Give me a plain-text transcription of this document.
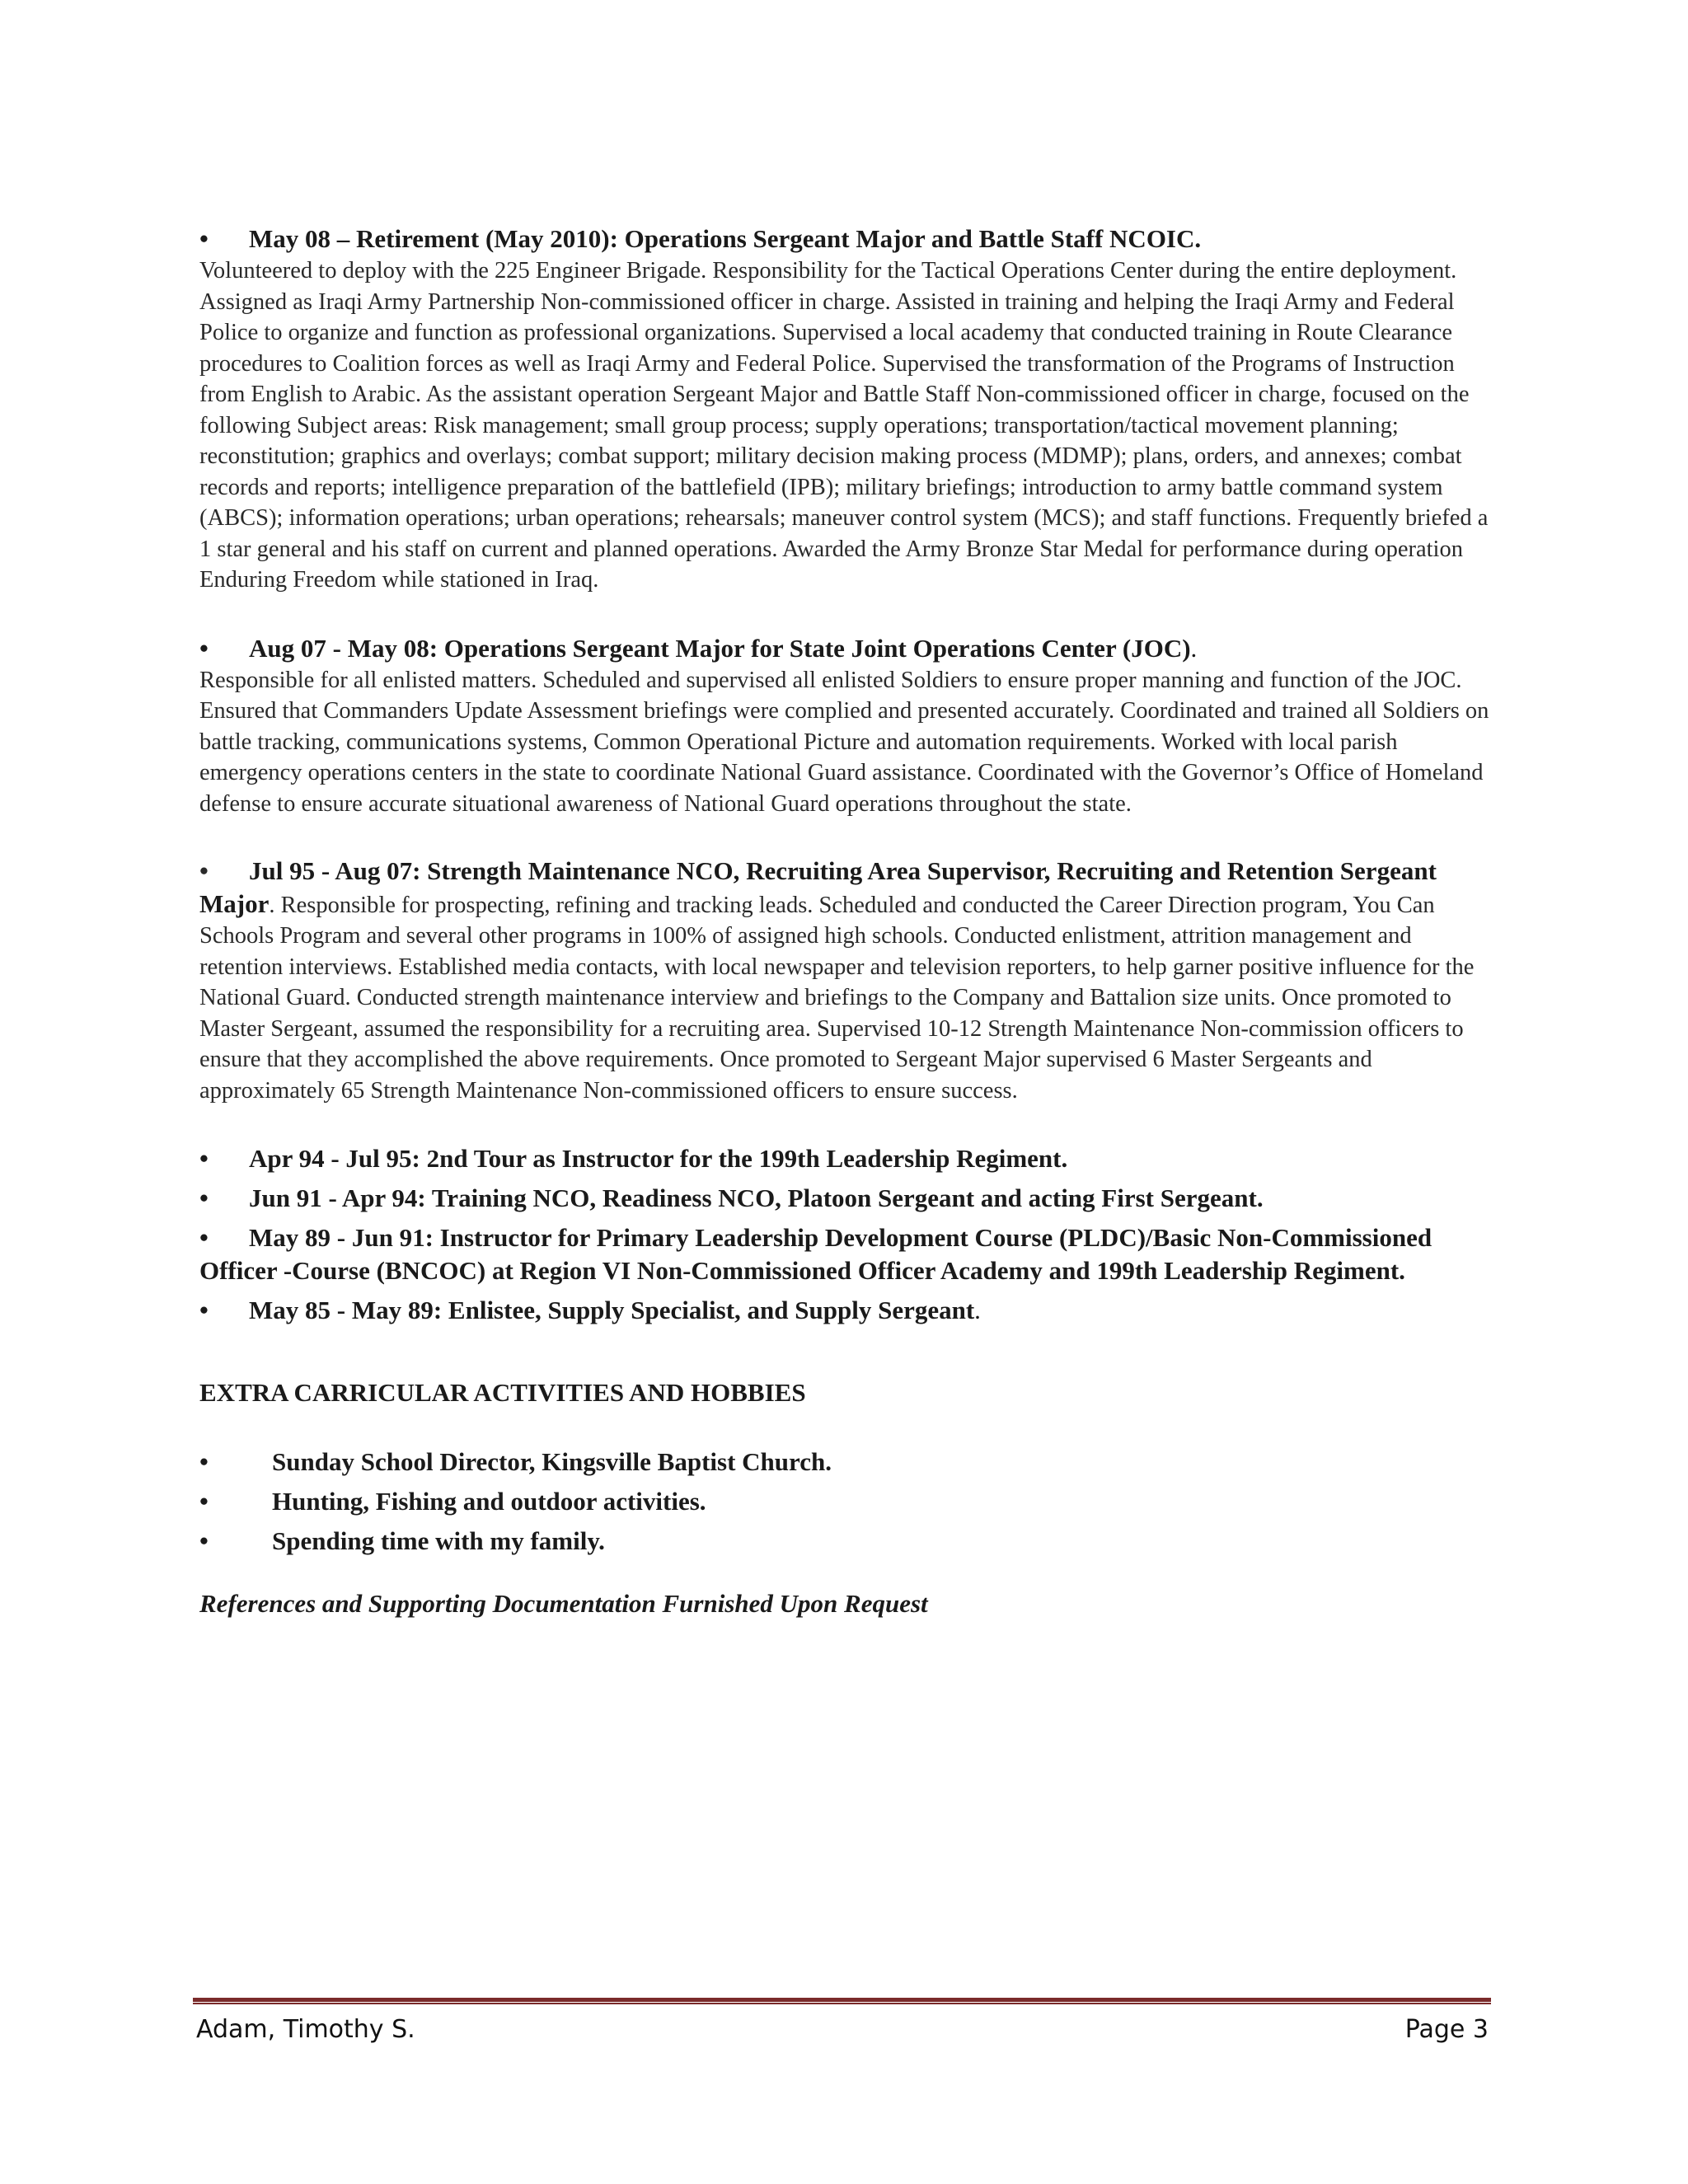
• May 08 – Retirement (May 2010): Operations Sergeant Major and Battle Staff NCOIC.

Volunteered to deploy with the 225 Engineer Brigade. Responsibility for the Tactical Operations Center during the entire deployment. Assigned as Iraqi Army Partnership Non-commissioned officer in charge. Assisted in training and helping the Iraqi Army and Federal Police to organize and function as professional organizations. Supervised a local academy that conducted training in Route Clearance procedures to Coalition forces as well as Iraqi Army and Federal Police. Supervised the transformation of the Programs of Instruction from English to Arabic. As the assistant operation Sergeant Major and Battle Staff Non-commissioned officer in charge, focused on the following Subject areas: Risk management; small group process; supply operations; transportation/tactical movement planning; reconstitution; graphics and overlays; combat support; military decision making process (MDMP); plans, orders, and annexes; combat records and reports; intelligence preparation of the battlefield (IPB); military briefings; introduction to army battle command system (ABCS); information operations; urban operations; rehearsals; maneuver control system (MCS); and staff functions. Frequently briefed a 1 star general and his staff on current and planned operations. Awarded the Army Bronze Star Medal for performance during operation Enduring Freedom while stationed in Iraq.

• Aug 07 - May 08: Operations Sergeant Major for State Joint Operations Center (JOC).

Responsible for all enlisted matters. Scheduled and supervised all enlisted Soldiers to ensure proper manning and function of the JOC. Ensured that Commanders Update Assessment briefings were complied and presented accurately. Coordinated and trained all Soldiers on battle tracking, communications systems, Common Operational Picture and automation requirements. Worked with local parish emergency operations centers in the state to coordinate National Guard assistance. Coordinated with the Governor’s Office of Homeland defense to ensure accurate situational awareness of National Guard operations throughout the state.

• Jul 95 - Aug 07: Strength Maintenance NCO, Recruiting Area Supervisor, Recruiting and Retention Sergeant Major. Responsible for prospecting, refining and tracking leads. Scheduled and conducted the Career Direction program, You Can Schools Program and several other programs in 100% of assigned high schools. Conducted enlistment, attrition management and retention interviews. Established media contacts, with local newspaper and television reporters, to help garner positive influence for the National Guard. Conducted strength maintenance interview and briefings to the Company and Battalion size units. Once promoted to Master Sergeant, assumed the responsibility for a recruiting area. Supervised 10-12 Strength Maintenance Non-commission officers to ensure that they accomplished the above requirements. Once promoted to Sergeant Major supervised 6 Master Sergeants and approximately 65 Strength Maintenance Non-commissioned officers to ensure success.

• Apr 94 - Jul 95: 2nd Tour as Instructor for the 199th Leadership Regiment.

• Jun 91 - Apr 94: Training NCO, Readiness NCO, Platoon Sergeant and acting First Sergeant.

• May 89 - Jun 91: Instructor for Primary Leadership Development Course (PLDC)/Basic Non-Commissioned Officer -Course (BNCOC) at Region VI Non-Commissioned Officer Academy and 199th Leadership Regiment.

• May 85 - May 89: Enlistee, Supply Specialist, and Supply Sergeant.

EXTRA CARRICULAR ACTIVITIES AND HOBBIES

• Sunday School Director, Kingsville Baptist Church.

• Hunting, Fishing and outdoor activities.

• Spending time with my family.

References and Supporting Documentation Furnished Upon Request

Adam, Timothy S.	Page 3
